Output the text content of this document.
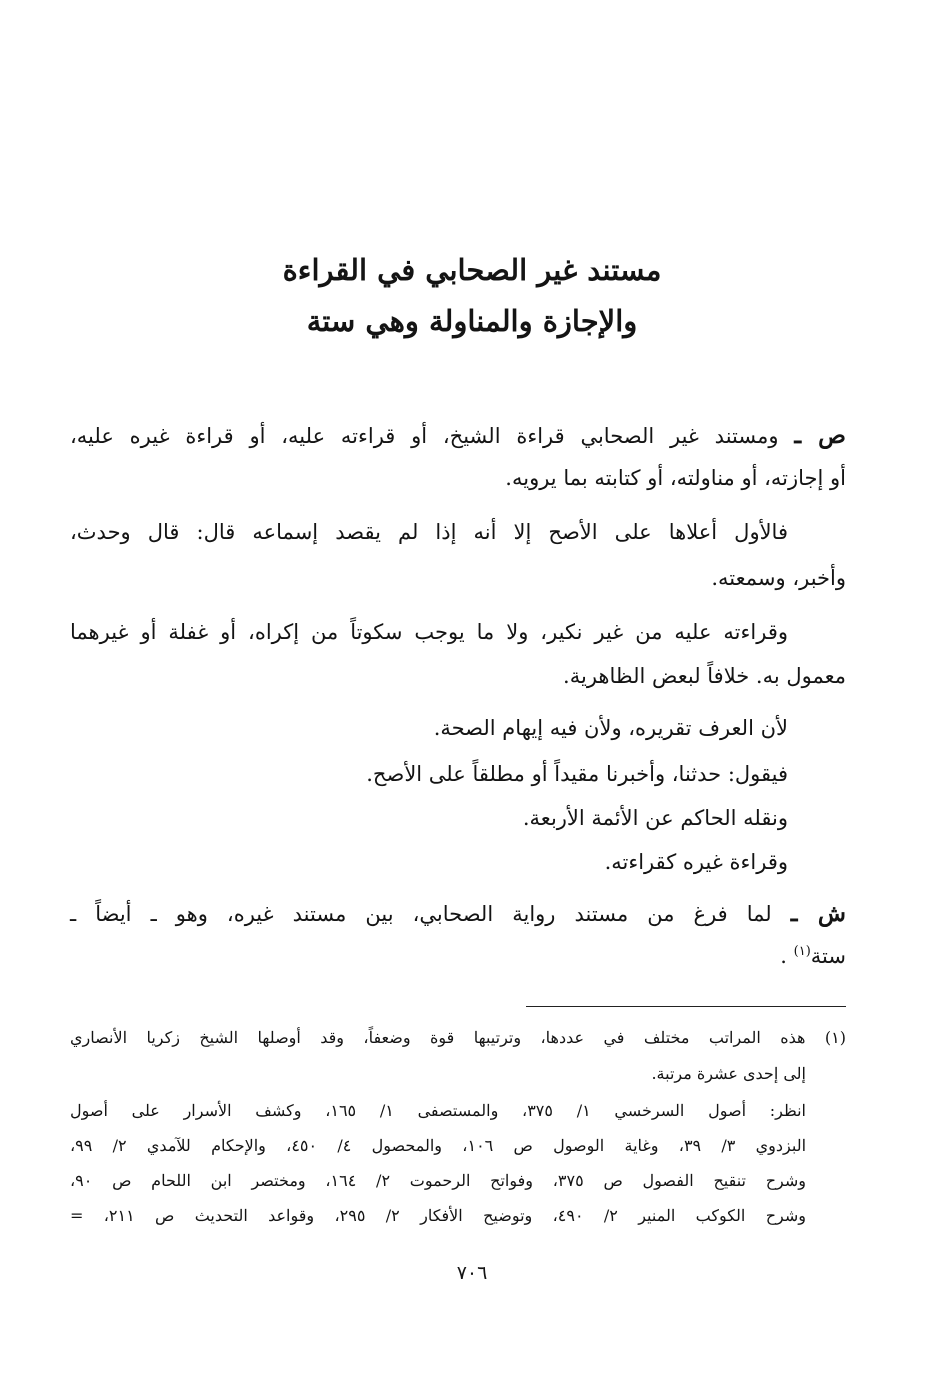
مستند غير الصحابي في القراءة
والإجازة والمناولة وهي ستة
ص ـ ومستند غير الصحابي قراءة الشيخ، أو قراءته عليه، أو قراءة غيره عليه،
أو إجازته، أو مناولته، أو كتابته بما يرويه.
فالأول أعلاها على الأصح إلا أنه إذا لم يقصد إسماعه قال: قال وحدث،
وأخبر، وسمعته.
وقراءته عليه من غير نكير، ولا ما يوجب سكوتاً من إكراه، أو غفلة أو غيرهما
معمول به. خلافاً لبعض الظاهرية.
لأن العرف تقريره، ولأن فيه إيهام الصحة.
فيقول: حدثنا، وأخبرنا مقيداً أو مطلقاً على الأصح.
ونقله الحاكم عن الأئمة الأربعة.
وقراءة غيره كقراءته.
ش ـ لما فرغ من مستند رواية الصحابي، بين مستند غيره، وهو ـ أيضاً ـ
ستة$^{(١)}$ .
(١) هذه المراتب مختلف في عددها، وترتيبها قوة وضعفاً، وقد أوصلها الشيخ زكريا الأنصاري
إلى إحدى عشرة مرتبة.
انظر: أصول السرخسي ١/ ٣٧٥، والمستصفى ١/ ١٦٥، وكشف الأسرار على أصول
البزدوي ٣/ ٣٩، وغاية الوصول ص ١٠٦، والمحصول ٤/ ٤٥٠، والإحكام للآمدي ٢/ ٩٩،
وشرح تنقيح الفصول ص ٣٧٥، وفواتح الرحموت ٢/ ١٦٤، ومختصر ابن اللحام ص ٩٠،
وشرح الكوكب المنير ٢/ ٤٩٠، وتوضيح الأفكار ٢/ ٢٩٥، وقواعد التحديث ص ٢١١، =
٧٠٦
